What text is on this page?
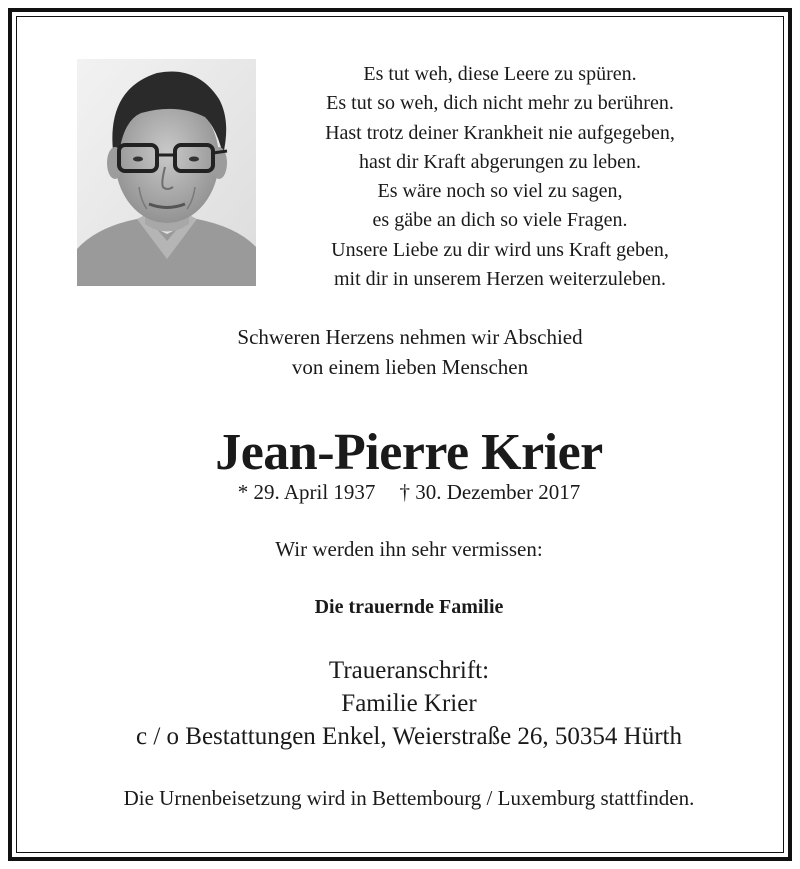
Es tut weh, diese Leere zu spüren.
Es tut so weh, dich nicht mehr zu berühren.
Hast trotz deiner Krankheit nie aufgegeben,
hast dir Kraft abgerungen zu leben.
Es wäre noch so viel zu sagen,
es gäbe an dich so viele Fragen.
Unsere Liebe zu dir wird uns Kraft geben,
mit dir in unserem Herzen weiterzuleben.
Schweren Herzens nehmen wir Abschied
von einem lieben Menschen
Jean-Pierre Krier
* 29. April 1937 † 30. Dezember 2017
Wir werden ihn sehr vermissen:
Die trauernde Familie
Traueranschrift:
Familie Krier
c / o Bestattungen Enkel, Weierstraße 26, 50354 Hürth
Die Urnenbeisetzung wird in Bettembourg / Luxemburg stattfinden.
